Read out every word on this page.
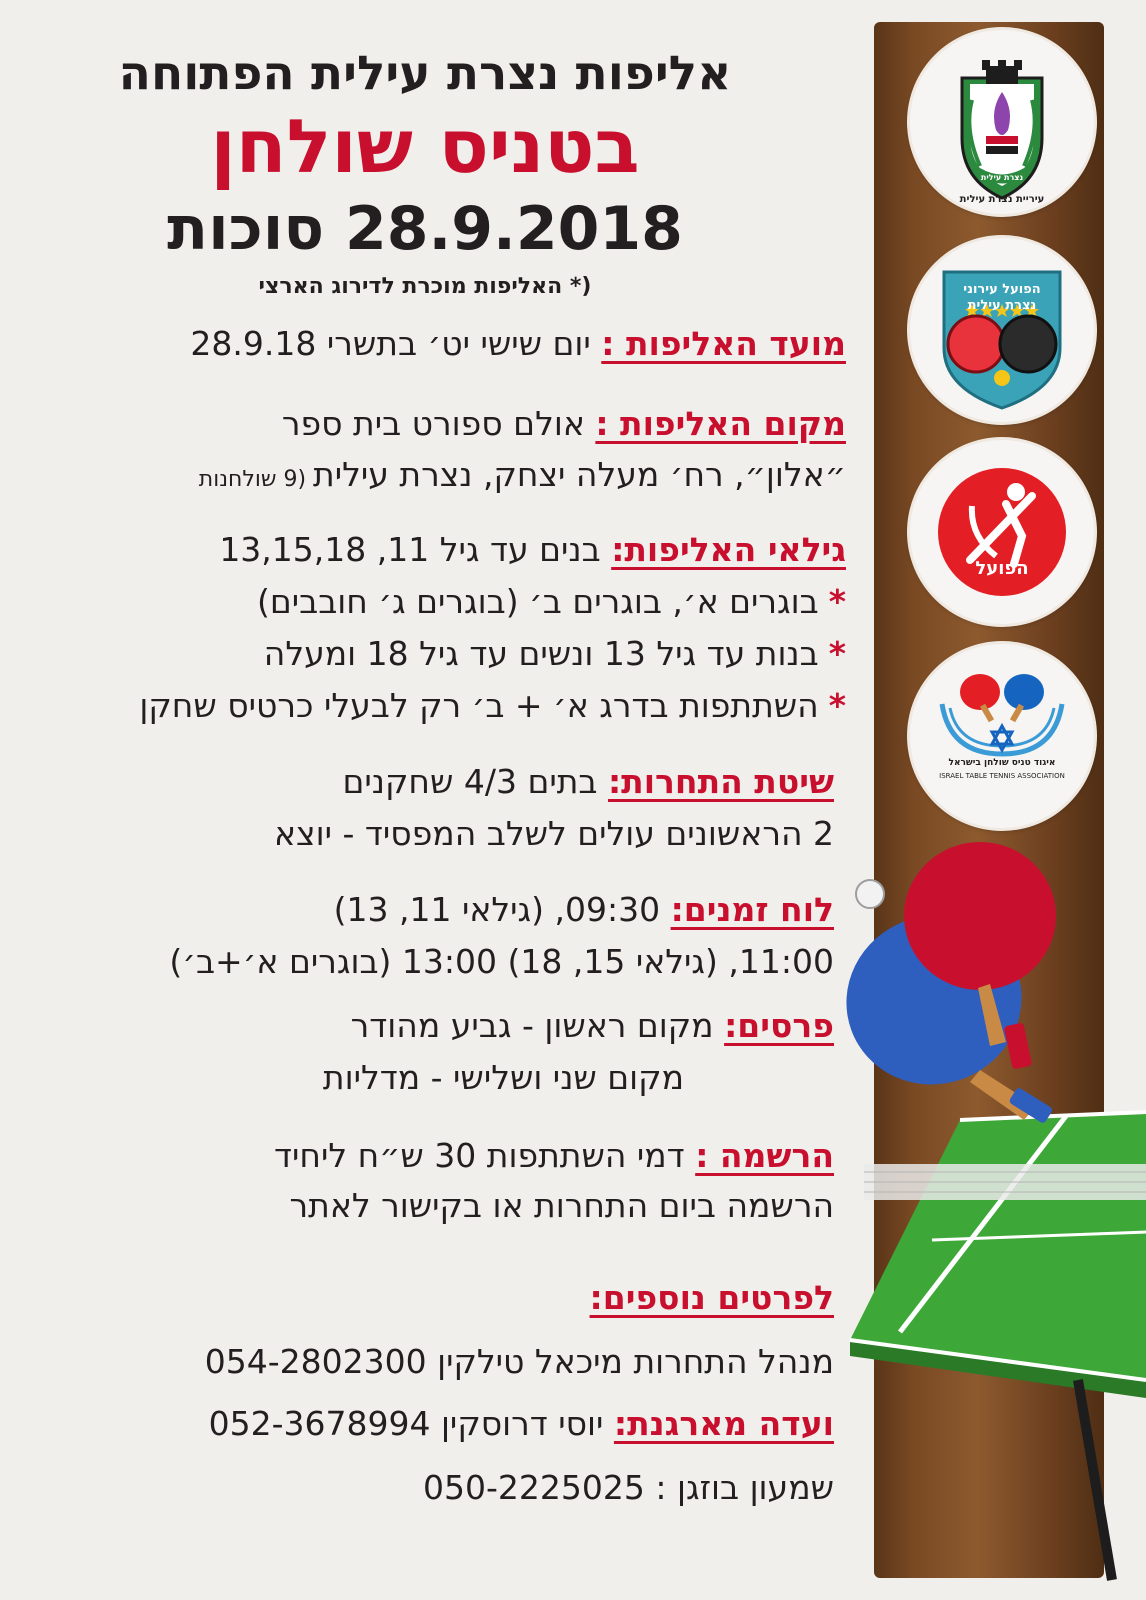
אליפות נצרת עילית הפתוחה
בטניס שולחן
28.9.2018 סוכות
(* האליפות מוכרת לדירוג הארצי
מועד האליפות : יום שישי יט׳ בתשרי 28.9.18
מקום האליפות : אולם ספורט בית ספר
״אלון״, רח׳ מעלה יצחק, נצרת עילית (9 שולחנות
גילאי האליפות: בנים עד גיל 11, 13,15,18
*בוגרים א׳, בוגרים ב׳ (בוגרים ג׳ חובבים)
*בנות עד גיל 13 ונשים עד גיל 18 ומעלה
*השתתפות בדרג א׳ + ב׳ רק לבעלי כרטיס שחקן
שיטת התחרות: בתים 4/3 שחקנים
2 הראשונים עולים לשלב המפסיד - יוצא
לוח זמנים: 09:30, (גילאי 11, 13)
11:00, (גילאי 15, 18) 13:00 (בוגרים א׳+ב׳)
פרסים: מקום ראשון - גביע מהודר
מקום שני ושלישי - מדליות
הרשמה : דמי השתתפות 30 ש״ח ליחיד
הרשמה ביום התחרות או בקישור לאתר
לפרטים נוספים:
מנהל התחרות מיכאל טילקין 054-2802300
ועדה מארגנת: יוסי דרוסקין 052-3678994
שמעון בוזגן : 050-2225025
נצרת עילית
עיריית נצרת עילית
הפועל עירוני
נצרת עילית
הפועל
איגוד טניס שולחן בישראל
ISRAEL TABLE TENNIS ASSOCIATION
